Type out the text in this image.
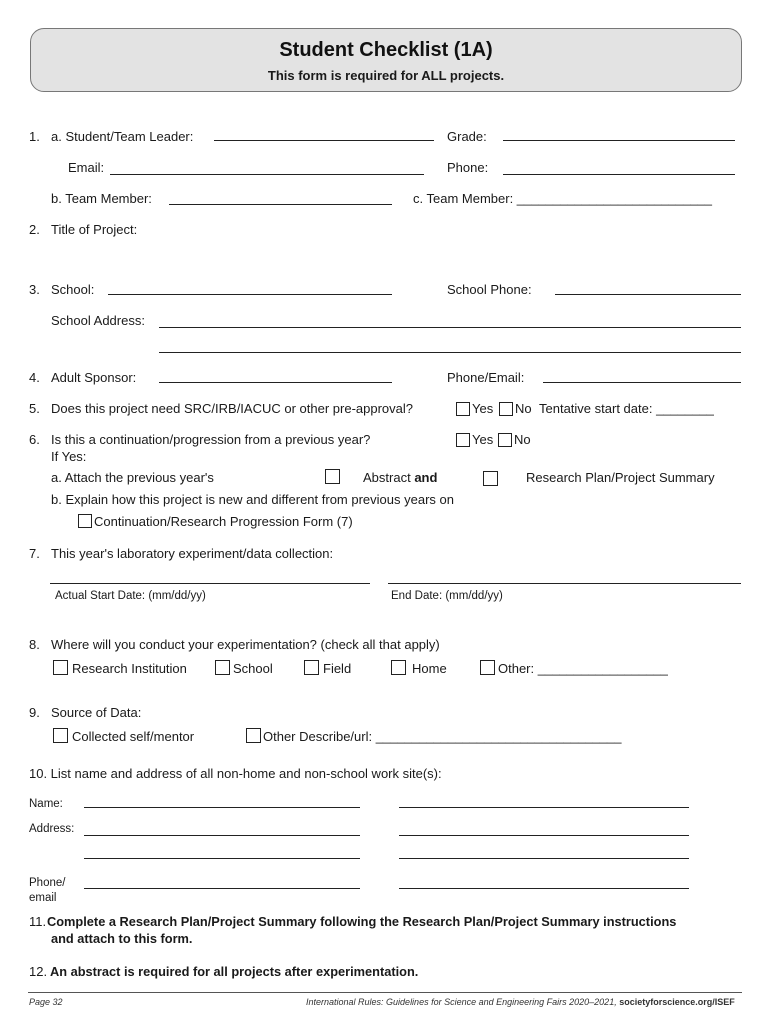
Student Checklist (1A)
This form is required for ALL projects.
1. a. Student/Team Leader:	Grade:
Email:	Phone:
b. Team Member:	c. Team Member: ___________________________
2. Title of Project:
3. School:	School Phone:
School Address:
4. Adult Sponsor:	Phone/Email:
5. Does this project need SRC/IRB/IACUC or other pre-approval?	Yes No Tentative start date: ________
6. Is this a continuation/progression from a previous year?	Yes No
If Yes:
a. Attach the previous year's	Abstract and	Research Plan/Project Summary
b. Explain how this project is new and different from previous years on
Continuation/Research Progression Form (7)
7. This year's laboratory experiment/data collection:
Actual Start Date: (mm/dd/yy)	End Date: (mm/dd/yy)
8. Where will you conduct your experimentation? (check all that apply)
Research Institution	School	Field	Home	Other: __________________
9. Source of Data:
Collected self/mentor	Other Describe/url: __________________________________
10. List name and address of all non-home and non-school work site(s):
Name:
Address:
Phone/
email
11. Complete a Research Plan/Project Summary following the Research Plan/Project Summary instructions
and attach to this form.
12. An abstract is required for all projects after experimentation.
Page 32	International Rules: Guidelines for Science and Engineering Fairs 2020–2021, societyforscience.org/ISEF
